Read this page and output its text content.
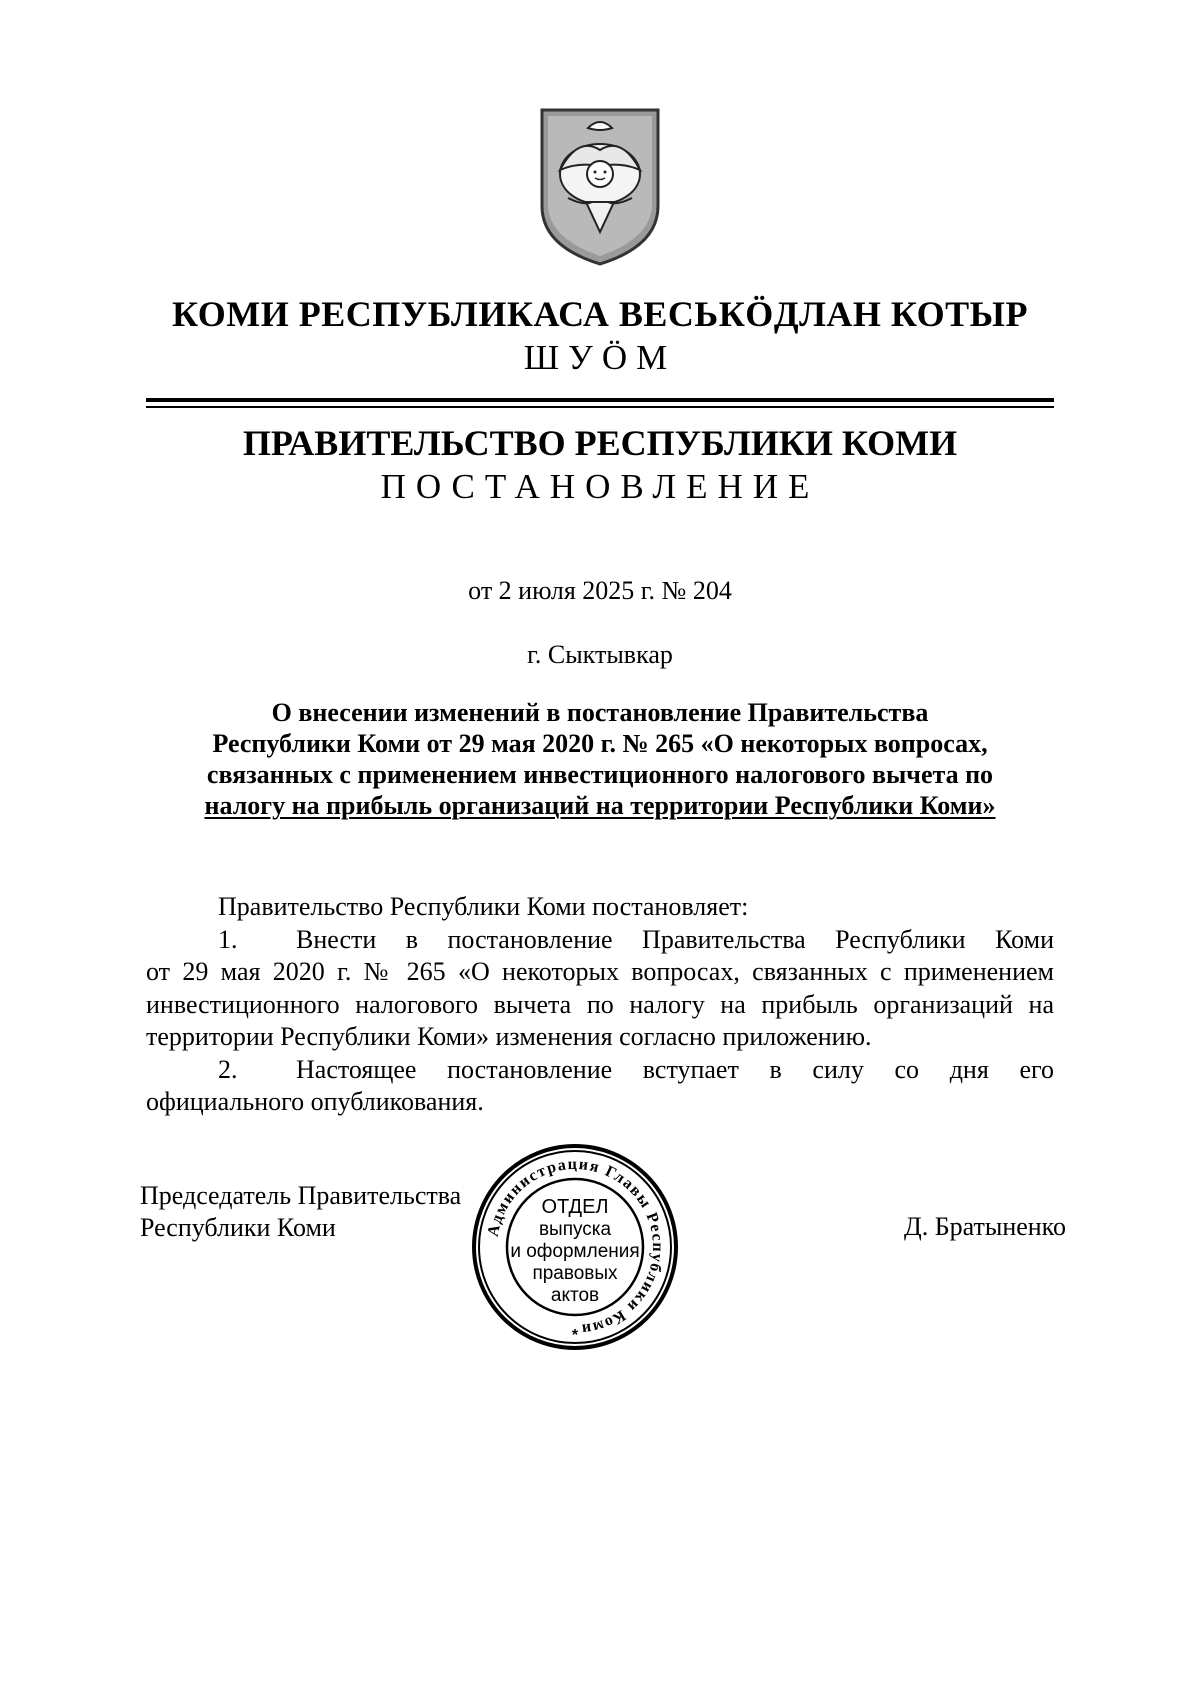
КОМИ РЕСПУБЛИКАСА ВЕСЬКӦДЛАН КОТЫР
ШУӦМ
ПРАВИТЕЛЬСТВО РЕСПУБЛИКИ КОМИ
ПОСТАНОВЛЕНИЕ
от 2 июля 2025 г. № 204
г. Сыктывкар
О внесении изменений в постановление Правительства
Республики Коми от 29 мая 2020 г. № 265 «О некоторых вопросах,
связанных с применением инвестиционного налогового вычета по
налогу на прибыль организаций на территории Республики Коми»
Правительство Республики Коми постановляет:
1. Внести в постановление Правительства Республики Коми
от 29 мая 2020 г. № 265 «О некоторых вопросах, связанных с применением инвестиционного налогового вычета по налогу на прибыль организаций на территории Республики Коми» изменения согласно приложению.
2. Настоящее постановление вступает в силу со дня его
официального опубликования.
Председатель Правительства
Республики Коми	Д. Братыненко
Администрация Главы Республики Коми
ОТДЕЛ
выпуска
и оформления
правовых
актов
*
